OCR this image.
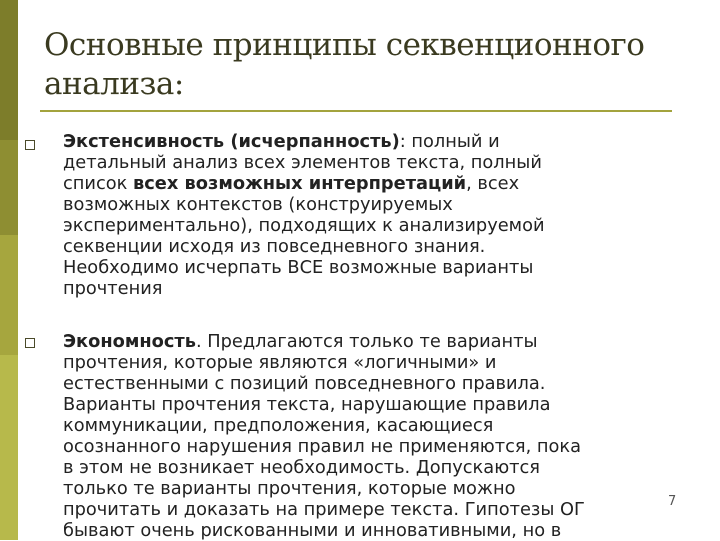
Основные принципы секвенционного
анализа:
Экстенсивность (исчерпанность): полный и
детальный анализ всех элементов текста, полный
список всех возможных интерпретаций, всех
возможных контекстов (конструируемых
экспериментально), подходящих к анализируемой
секвенции исходя из повседневного знания.
Необходимо исчерпать ВСЕ возможные варианты
прочтения
Экономность. Предлагаются только те варианты
прочтения, которые являются «логичными» и
естественными с позиций повседневного правила.
Варианты прочтения текста, нарушающие правила
коммуникации, предположения, касающиеся
осознанного нарушения правил не применяются, пока
в этом не возникает необходимость. Допускаются
только те варианты прочтения, которые можно
прочитать и доказать на примере текста. Гипотезы ОГ
бывают очень рискованными и инновативными, но в
7
